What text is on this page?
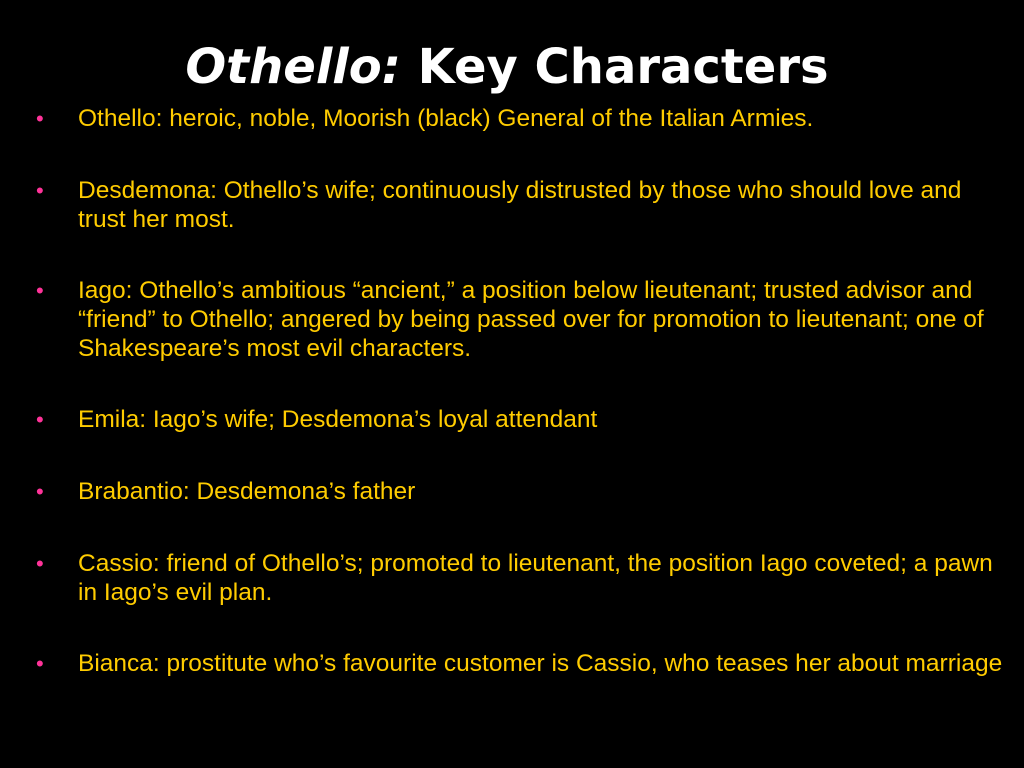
Othello: Key Characters
•	Othello: heroic, noble, Moorish (black) General of the Italian Armies.
•	Desdemona: Othello’s wife; continuously distrusted by those who should love and trust her most.
•	Iago: Othello’s ambitious “ancient,” a position below lieutenant; trusted advisor and “friend” to Othello; angered by being passed over for promotion to lieutenant; one of Shakespeare’s most evil characters.
•	Emila: Iago’s wife; Desdemona’s loyal attendant
•	Brabantio: Desdemona’s father
•	Cassio: friend of Othello’s; promoted to lieutenant, the position Iago coveted; a pawn in Iago’s evil plan.
•	Bianca: prostitute who’s favourite customer is Cassio, who teases her about marriage
